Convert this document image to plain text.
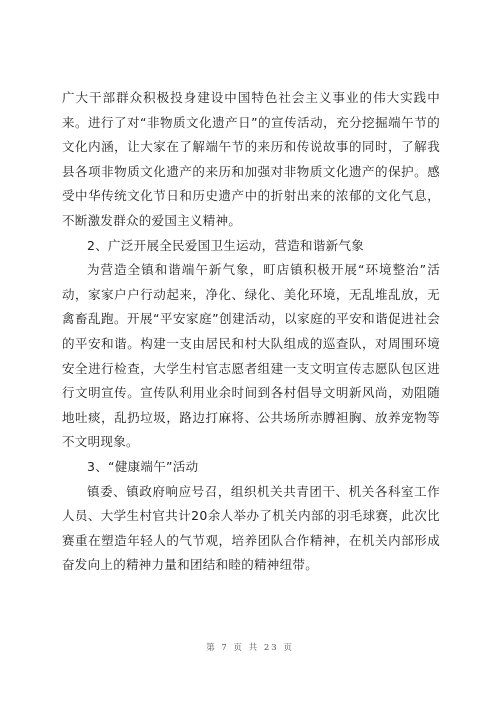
广大干部群众积极投身建设中国特色社会主义事业的伟大实践中来。进行了对“非物质文化遗产日”的宣传活动，充分挖掘端午节的文化内涵，让大家在了解端午节的来历和传说故事的同时，了解我县各项非物质文化遗产的来历和加强对非物质文化遗产的保护。感受中华传统文化节日和历史遗产中的折射出来的浓郁的文化气息，不断激发群众的爱国主义精神。

2、广泛开展全民爱国卫生运动，营造和谐新气象

为营造全镇和谐端午新气象，町店镇积极开展“环境整治”活动，家家户户行动起来，净化、绿化、美化环境，无乱堆乱放，无禽畜乱跑。开展“平安家庭”创建活动，以家庭的平安和谐促进社会的平安和谐。构建一支由居民和村大队组成的巡查队，对周围环境安全进行检查，大学生村官志愿者组建一支文明宣传志愿队包区进行文明宣传。宣传队利用业余时间到各村倡导文明新风尚，劝阻随地吐痰，乱扔垃圾，路边打麻将、公共场所赤膊袒胸、放养宠物等不文明现象。

3、“健康端午”活动

镇委、镇政府响应号召，组织机关共青团干、机关各科室工作人员、大学生村官共计20余人举办了机关内部的羽毛球赛，此次比赛重在塑造年轻人的气节观，培养团队合作精神，在机关内部形成奋发向上的精神力量和团结和睦的精神纽带。

第 7 页 共 23 页
